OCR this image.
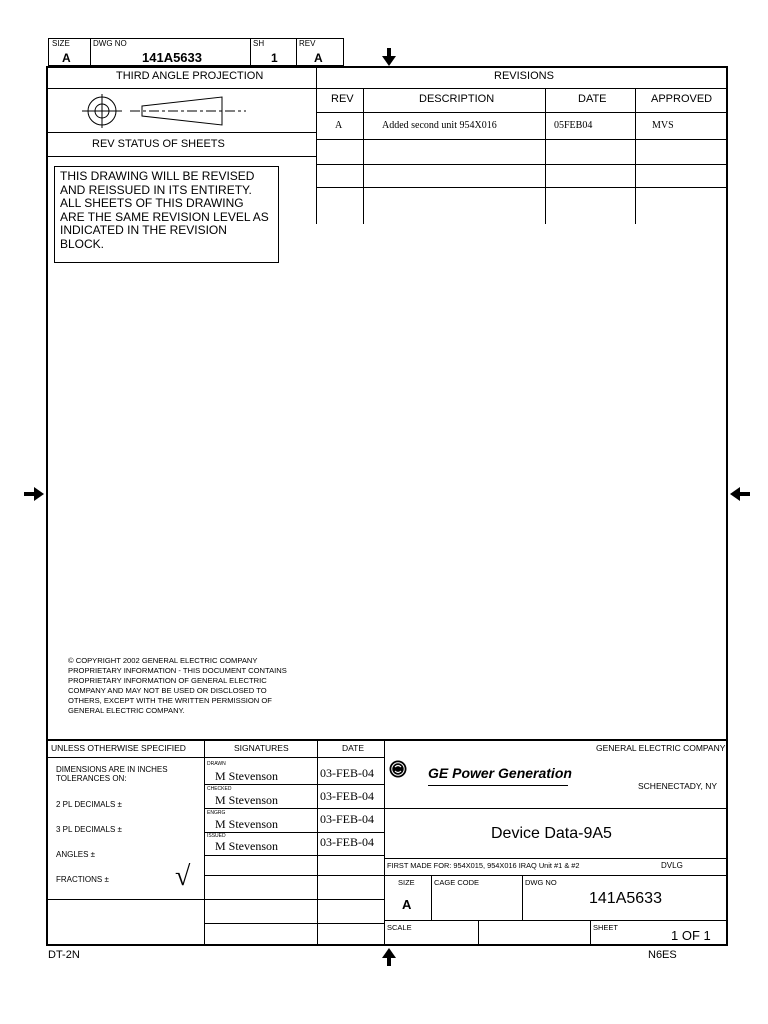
SIZE
A
DWG NO
141A5633
SH
1
REV
A
THIRD ANGLE PROJECTION
REV STATUS OF SHEETS
THIS DRAWING WILL BE REVISED
AND REISSUED IN ITS ENTIRETY.
ALL SHEETS OF THIS DRAWING
ARE THE SAME REVISION LEVEL AS
INDICATED IN THE REVISION
BLOCK.
REVISIONS
REV	DESCRIPTION	DATE	APPROVED
A	Added second unit 954X016	05FEB04	MVS
© COPYRIGHT 2002 GENERAL ELECTRIC COMPANY
PROPRIETARY INFORMATION - THIS DOCUMENT CONTAINS
PROPRIETARY INFORMATION OF GENERAL ELECTRIC
COMPANY AND MAY NOT BE USED OR DISCLOSED TO
OTHERS, EXCEPT WITH THE WRITTEN PERMISSION OF
GENERAL ELECTRIC COMPANY.
UNLESS OTHERWISE SPECIFIED
DIMENSIONS ARE IN INCHES
TOLERANCES ON:
2 PL DECIMALS ±
3 PL DECIMALS ±
ANGLES ±
FRACTIONS ± √
SIGNATURES	DATE
DRAWN
M Stevenson	03-FEB-04
CHECKED
M Stevenson	03-FEB-04
ENGRG
M Stevenson	03-FEB-04
ISSUED
M Stevenson	03-FEB-04
GENERAL ELECTRIC COMPANY
GE Power Generation
SCHENECTADY, NY
Device Data-9A5
FIRST MADE FOR: 954X015, 954X016 IRAQ Unit #1 & #2	DVLG
SIZE
A
CAGE CODE	DWG NO
141A5633
SCALE	SHEET
1 OF 1
DT-2N	N6ES
